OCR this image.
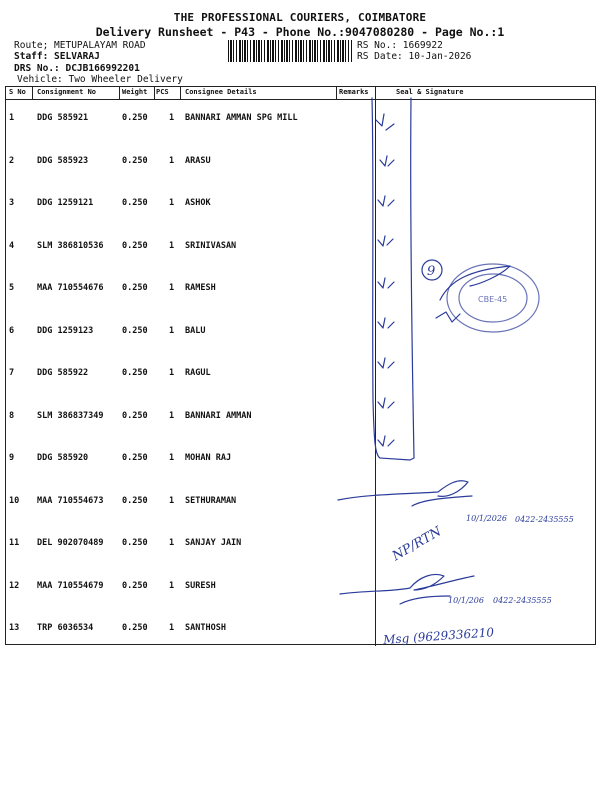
THE PROFESSIONAL COURIERS, COIMBATORE
Delivery Runsheet - P43 - Phone No.:9047080280 - Page No.:1
Route; METUPALAYAM ROAD
Staff: SELVARAJ
DRS No.: DCJB166992201
Vehicle: Two Wheeler Delivery
RS No.: 1669922
RS Date: 10-Jan-2026
S No Consignment No	Weight PCS Consignee Details	Remarks	Seal & Signature
1	DDG 585921	0.250	1 BANNARI AMMAN SPG MILL
2	DDG 585923	0.250	1 ARASU
3	DDG 1259121	0.250	1 ASHOK
4	SLM 386810536 0.250	1 SRINIVASAN
5	MAA 710554676 0.250	1 RAMESH
6	DDG 1259123	0.250	1 BALU
7	DDG 585922	0.250	1 RAGUL
8	SLM 386837349 0.250	1 BANNARI AMMAN
9	DDG 585920	0.250	1 MOHAN RAJ
10 MAA 710554673 0.250	1 SETHURAMAN
11 DEL 902070489 0.250	1 SANJAY JAIN
12 MAA 710554679 0.250	1 SURESH
13 TRP 6036534	0.250	1 SANTHOSH
9
CBE-45
10/1/2026 0422-2435555
NP/RTN
10/1/206 0422-2435555
Msg (9629336210
